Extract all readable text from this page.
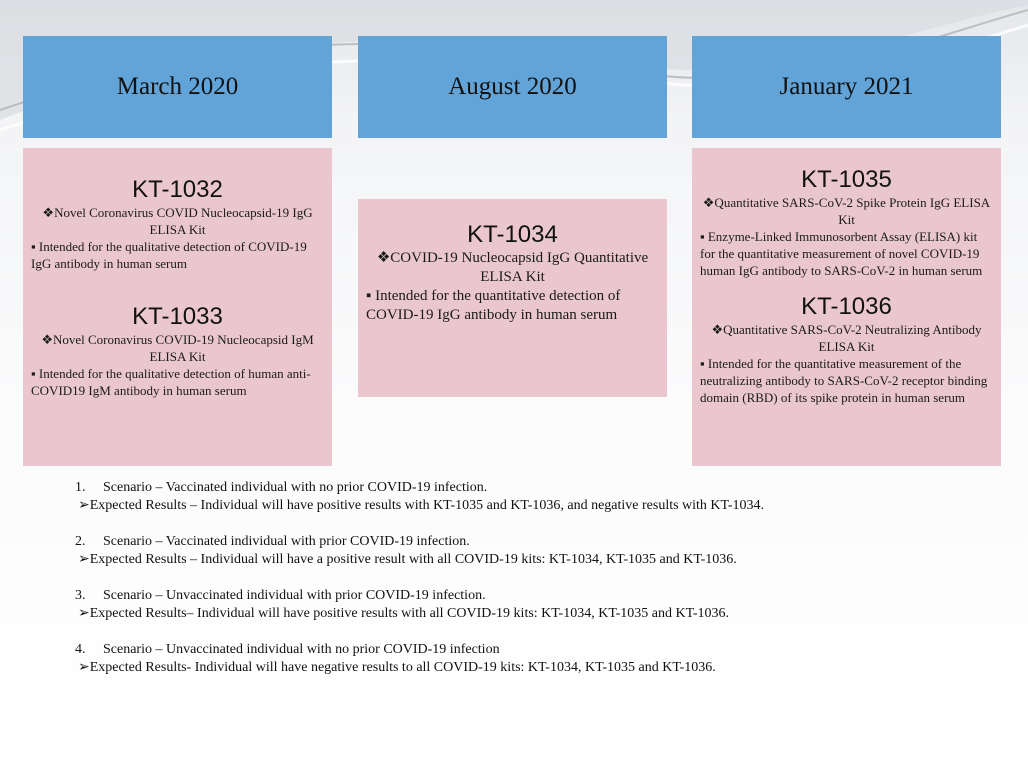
March 2020	August 2020	January 2021
KT-1032
❖Novel Coronavirus COVID Nucleocapsid-19 IgG ELISA Kit
▪ Intended for the qualitative detection of COVID-19 IgG antibody in human serum
KT-1033
❖Novel Coronavirus COVID-19 Nucleocapsid IgM ELISA Kit
▪ Intended for the qualitative detection of human anti-COVID19 IgM antibody in human serum
KT-1034
❖COVID-19 Nucleocapsid IgG Quantitative ELISA Kit
▪ Intended for the quantitative detection of COVID-19 IgG antibody in human serum
KT-1035
❖Quantitative SARS-CoV-2 Spike Protein IgG ELISA Kit
▪ Enzyme-Linked Immunosorbent Assay (ELISA) kit for the quantitative measurement of novel COVID-19 human IgG antibody to SARS-CoV-2 in human serum
KT-1036
❖Quantitative SARS-CoV-2 Neutralizing Antibody ELISA Kit
▪ Intended for the quantitative measurement of the neutralizing antibody to SARS-CoV-2 receptor binding domain (RBD) of its spike protein in human serum
1.     Scenario – Vaccinated individual with no prior COVID-19 infection.
➢Expected Results – Individual will have positive results with KT-1035 and KT-1036, and negative results with KT-1034.
2.     Scenario – Vaccinated individual with prior COVID-19 infection.
➢Expected Results – Individual will have a positive result with all COVID-19 kits: KT-1034, KT-1035 and KT-1036.
3.     Scenario – Unvaccinated individual with prior COVID-19 infection.
➢Expected Results– Individual will have positive results with all COVID-19 kits: KT-1034, KT-1035 and KT-1036.
4.     Scenario – Unvaccinated individual with no prior COVID-19 infection
➢Expected Results- Individual will have negative results to all COVID-19 kits: KT-1034, KT-1035 and KT-1036.
